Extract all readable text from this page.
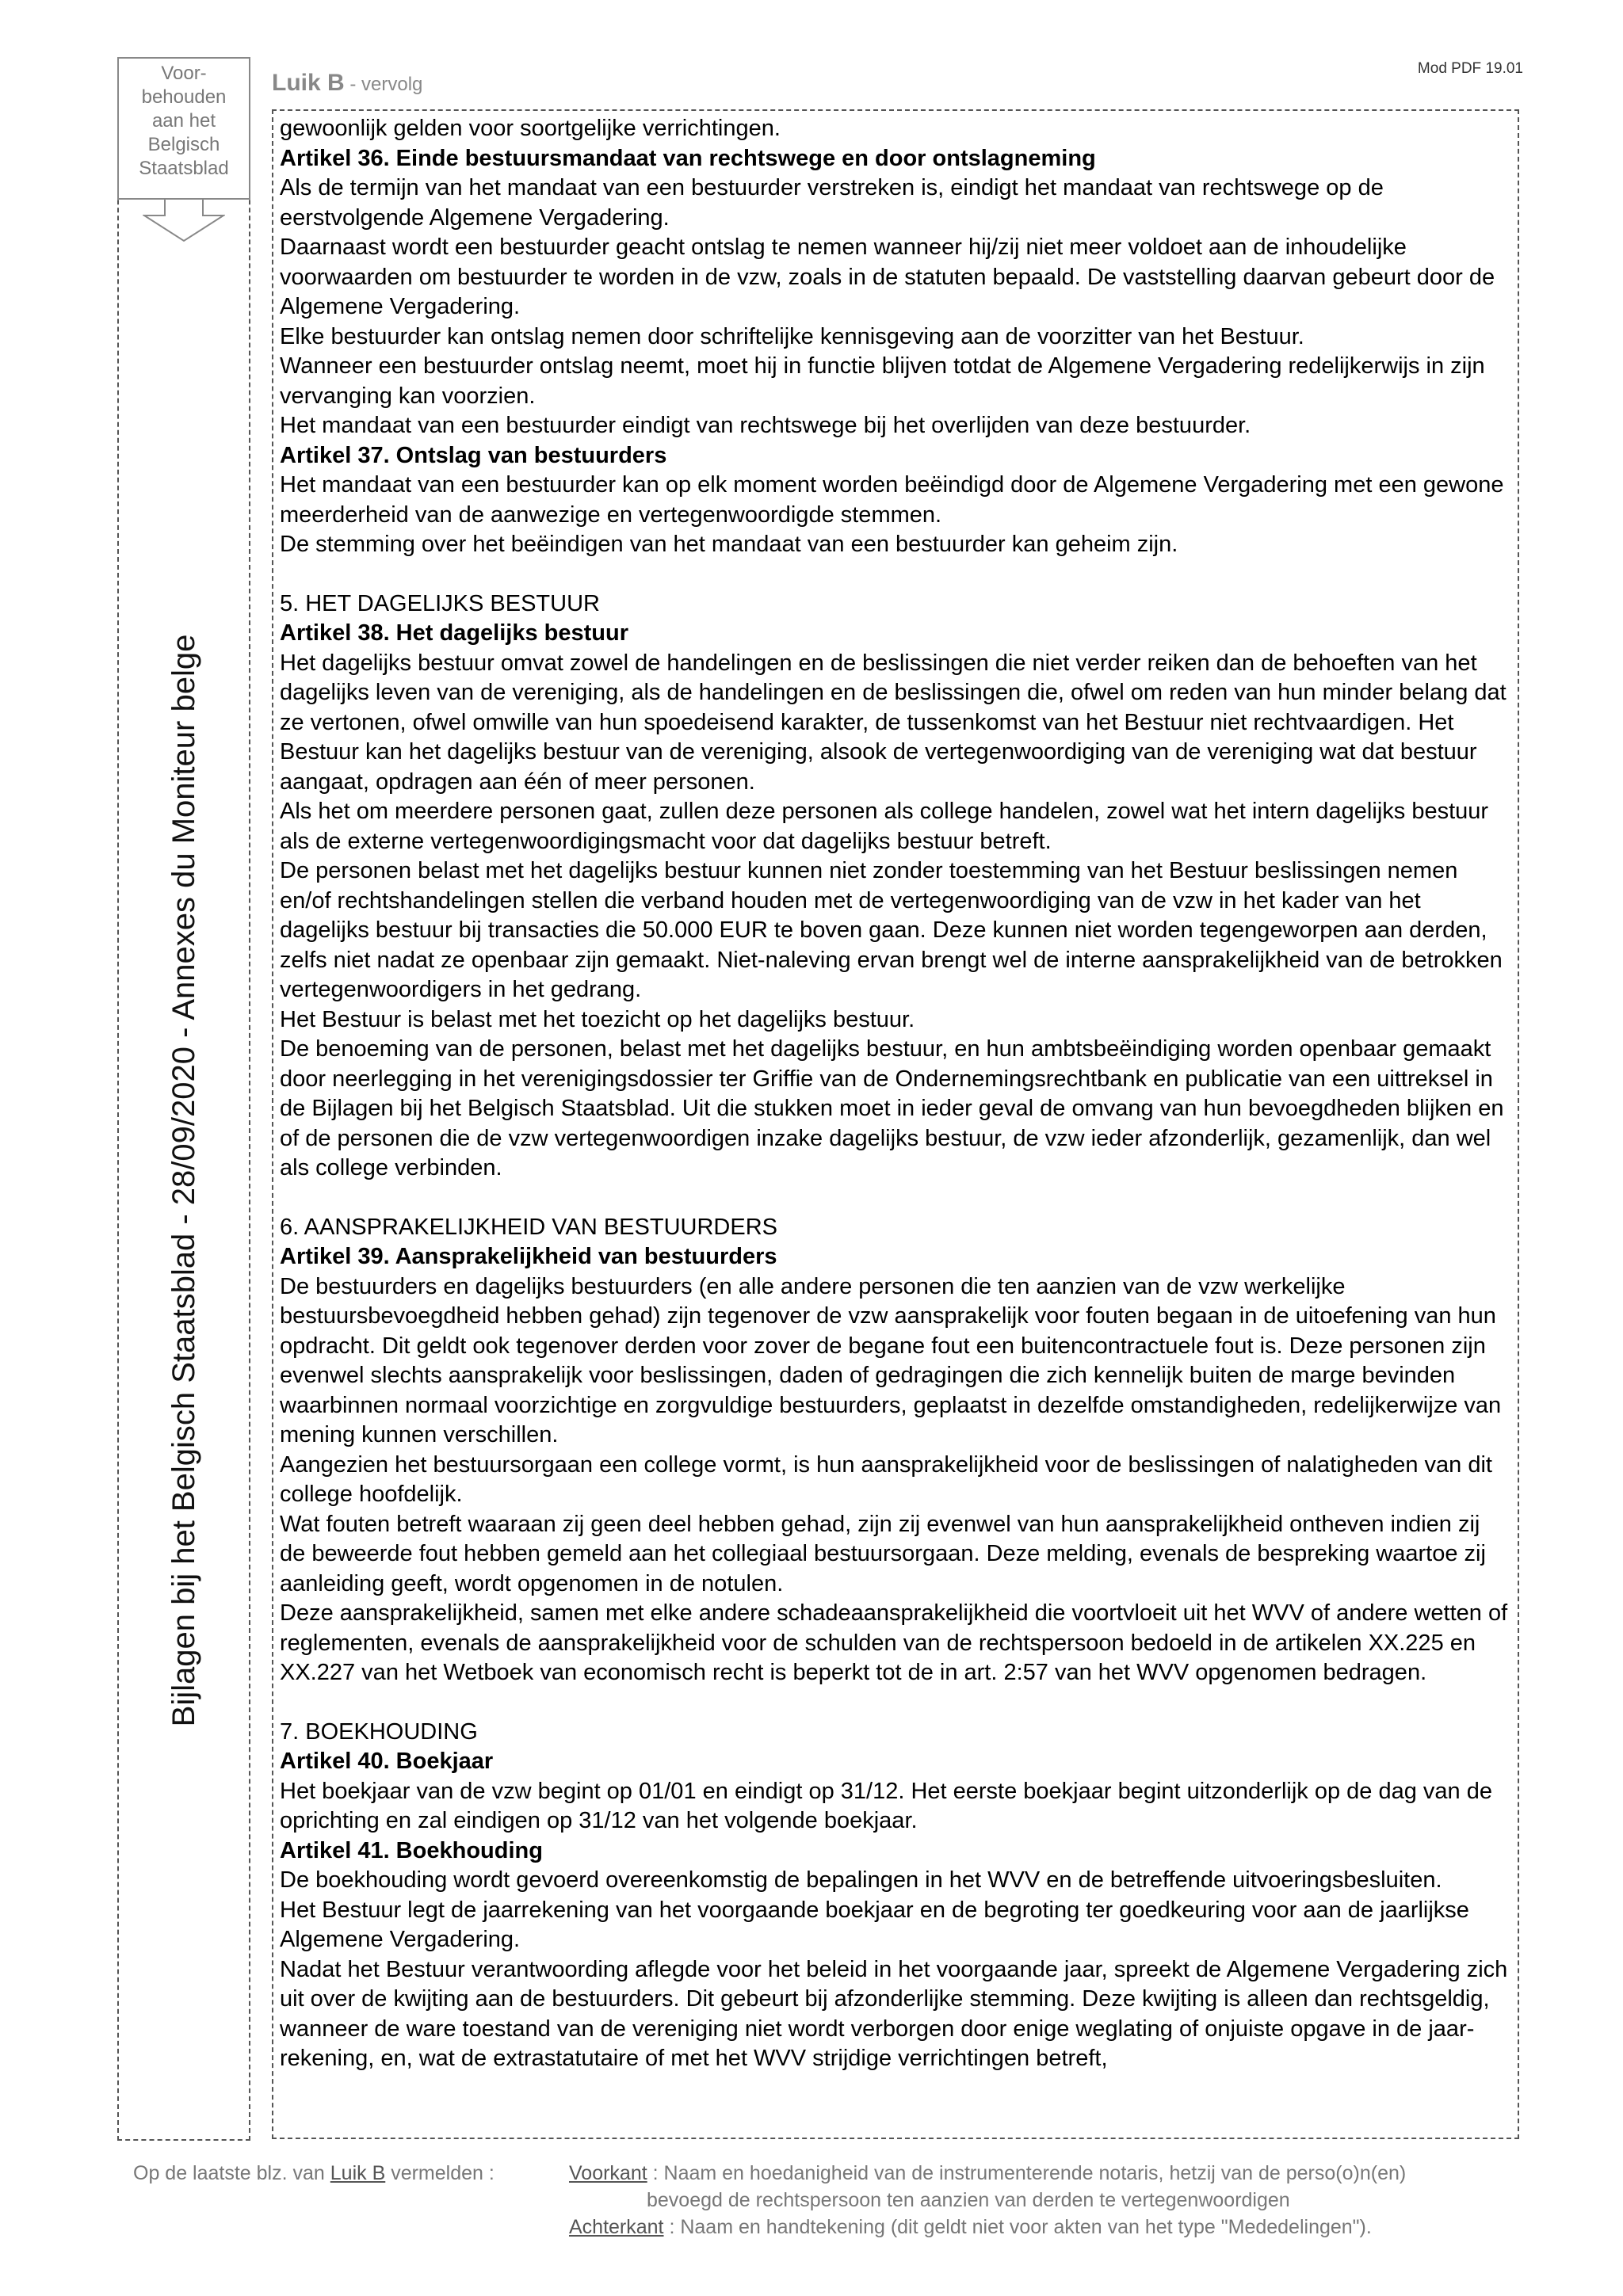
Voor-
behouden
aan het
Belgisch
Staatsblad
Bijlagen bij het Belgisch Staatsblad - 28/09/2020 - Annexes du Moniteur belge
Luik B - vervolg
Mod PDF 19.01

gewoonlijk gelden voor soortgelijke verrichtingen.

Artikel 36. Einde bestuursmandaat van rechtswege en door ontslagneming

Als de termijn van het mandaat van een bestuurder verstreken is, eindigt het mandaat van rechtswege op de eerstvolgende Algemene Vergadering.

Daarnaast wordt een bestuurder geacht ontslag te nemen wanneer hij/zij niet meer voldoet aan de inhoudelijke voorwaarden om bestuurder te worden in de vzw, zoals in de statuten bepaald. De vaststelling daarvan gebeurt door de Algemene Vergadering.

Elke bestuurder kan ontslag nemen door schriftelijke kennisgeving aan de voorzitter van het Bestuur.

Wanneer een bestuurder ontslag neemt, moet hij in functie blijven totdat de Algemene Vergadering redelijkerwijs in zijn vervanging kan voorzien.

Het mandaat van een bestuurder eindigt van rechtswege bij het overlijden van deze bestuurder.

Artikel 37. Ontslag van bestuurders

Het mandaat van een bestuurder kan op elk moment worden beëindigd door de Algemene Vergadering met een gewone meerderheid van de aanwezige en vertegenwoordigde stemmen.

De stemming over het beëindigen van het mandaat van een bestuurder kan geheim zijn.

5. HET DAGELIJKS BESTUUR

Artikel 38. Het dagelijks bestuur

Het dagelijks bestuur omvat zowel de handelingen en de beslissingen die niet verder reiken dan de behoeften van het dagelijks leven van de vereniging, als de handelingen en de beslissingen die, ofwel om reden van hun minder belang dat ze vertonen, ofwel omwille van hun spoedeisend karakter, de tussenkomst van het Bestuur niet rechtvaardigen. Het Bestuur kan het dagelijks bestuur van de vereniging, alsook de vertegenwoordiging van de vereniging wat dat bestuur aangaat, opdragen aan één of meer personen.

Als het om meerdere personen gaat, zullen deze personen als college handelen, zowel wat het intern dagelijks bestuur als de externe vertegenwoordigingsmacht voor dat dagelijks bestuur betreft.

De personen belast met het dagelijks bestuur kunnen niet zonder toestemming van het Bestuur beslissingen nemen en/of rechtshandelingen stellen die verband houden met de vertegenwoordiging van de vzw in het kader van het dagelijks bestuur bij transacties die 50.000 EUR te boven gaan. Deze kunnen niet worden tegengeworpen aan derden, zelfs niet nadat ze openbaar zijn gemaakt. Niet-naleving ervan brengt wel de interne aansprakelijkheid van de betrokken vertegenwoordigers in het gedrang.

Het Bestuur is belast met het toezicht op het dagelijks bestuur.

De benoeming van de personen, belast met het dagelijks bestuur, en hun ambtsbeëindiging worden openbaar gemaakt door neerlegging in het verenigingsdossier ter Griffie van de Ondernemingsrechtbank en publicatie van een uittreksel in de Bijlagen bij het Belgisch Staatsblad. Uit die stukken moet in ieder geval de omvang van hun bevoegdheden blijken en of de personen die de vzw vertegenwoordigen inzake dagelijks bestuur, de vzw ieder afzonderlijk, gezamenlijk, dan wel als college verbinden.

6. AANSPRAKELIJKHEID VAN BESTUURDERS

Artikel 39. Aansprakelijkheid van bestuurders

De bestuurders en dagelijks bestuurders (en alle andere personen die ten aanzien van de vzw werkelijke bestuursbevoegdheid hebben gehad) zijn tegenover de vzw aansprakelijk voor fouten begaan in de uitoefening van hun opdracht. Dit geldt ook tegenover derden voor zover de begane fout een buitencontractuele fout is. Deze personen zijn evenwel slechts aansprakelijk voor beslissingen, daden of gedragingen die zich kennelijk buiten de marge bevinden waarbinnen normaal voorzichtige en zorgvuldige bestuurders, geplaatst in dezelfde omstandigheden, redelijkerwijze van mening kunnen verschillen.

Aangezien het bestuursorgaan een college vormt, is hun aansprakelijkheid voor de beslissingen of nalatigheden van dit college hoofdelijk.

Wat fouten betreft waaraan zij geen deel hebben gehad, zijn zij evenwel van hun aansprakelijkheid ontheven indien zij de beweerde fout hebben gemeld aan het collegiaal bestuursorgaan. Deze melding, evenals de bespreking waartoe zij aanleiding geeft, wordt opgenomen in de notulen.

Deze aansprakelijkheid, samen met elke andere schadeaansprakelijkheid die voortvloeit uit het WVV of andere wetten of reglementen, evenals de aansprakelijkheid voor de schulden van de rechtspersoon bedoeld in de artikelen XX.225 en XX.227 van het Wetboek van economisch recht is beperkt tot de in art. 2:57 van het WVV opgenomen bedragen.

7. BOEKHOUDING

Artikel 40. Boekjaar

Het boekjaar van de vzw begint op 01/01 en eindigt op 31/12. Het eerste boekjaar begint uitzonderlijk op de dag van de oprichting en zal eindigen op 31/12 van het volgende boekjaar.

Artikel 41. Boekhouding

De boekhouding wordt gevoerd overeenkomstig de bepalingen in het WVV en de betreffende uitvoeringsbesluiten.

Het Bestuur legt de jaarrekening van het voorgaande boekjaar en de begroting ter goedkeuring voor aan de jaarlijkse Algemene Vergadering.

Nadat het Bestuur verantwoording aflegde voor het beleid in het voorgaande jaar, spreekt de Algemene Vergadering zich uit over de kwijting aan de bestuurders. Dit gebeurt bij afzonderlijke stemming. Deze kwijting is alleen dan rechtsgeldig, wanneer de ware toestand van de vereniging niet wordt verborgen door enige weglating of onjuiste opgave in de jaar- rekening, en, wat de extrastatutaire of met het WVV strijdige verrichtingen betreft,

Op de laatste blz. van Luik B vermelden :	Voorkant : Naam en hoedanigheid van de instrumenterende notaris, hetzij van de perso(o)n(en)
bevoegd de rechtspersoon ten aanzien van derden te vertegenwoordigen
Achterkant : Naam en handtekening (dit geldt niet voor akten van het type "Mededelingen").
